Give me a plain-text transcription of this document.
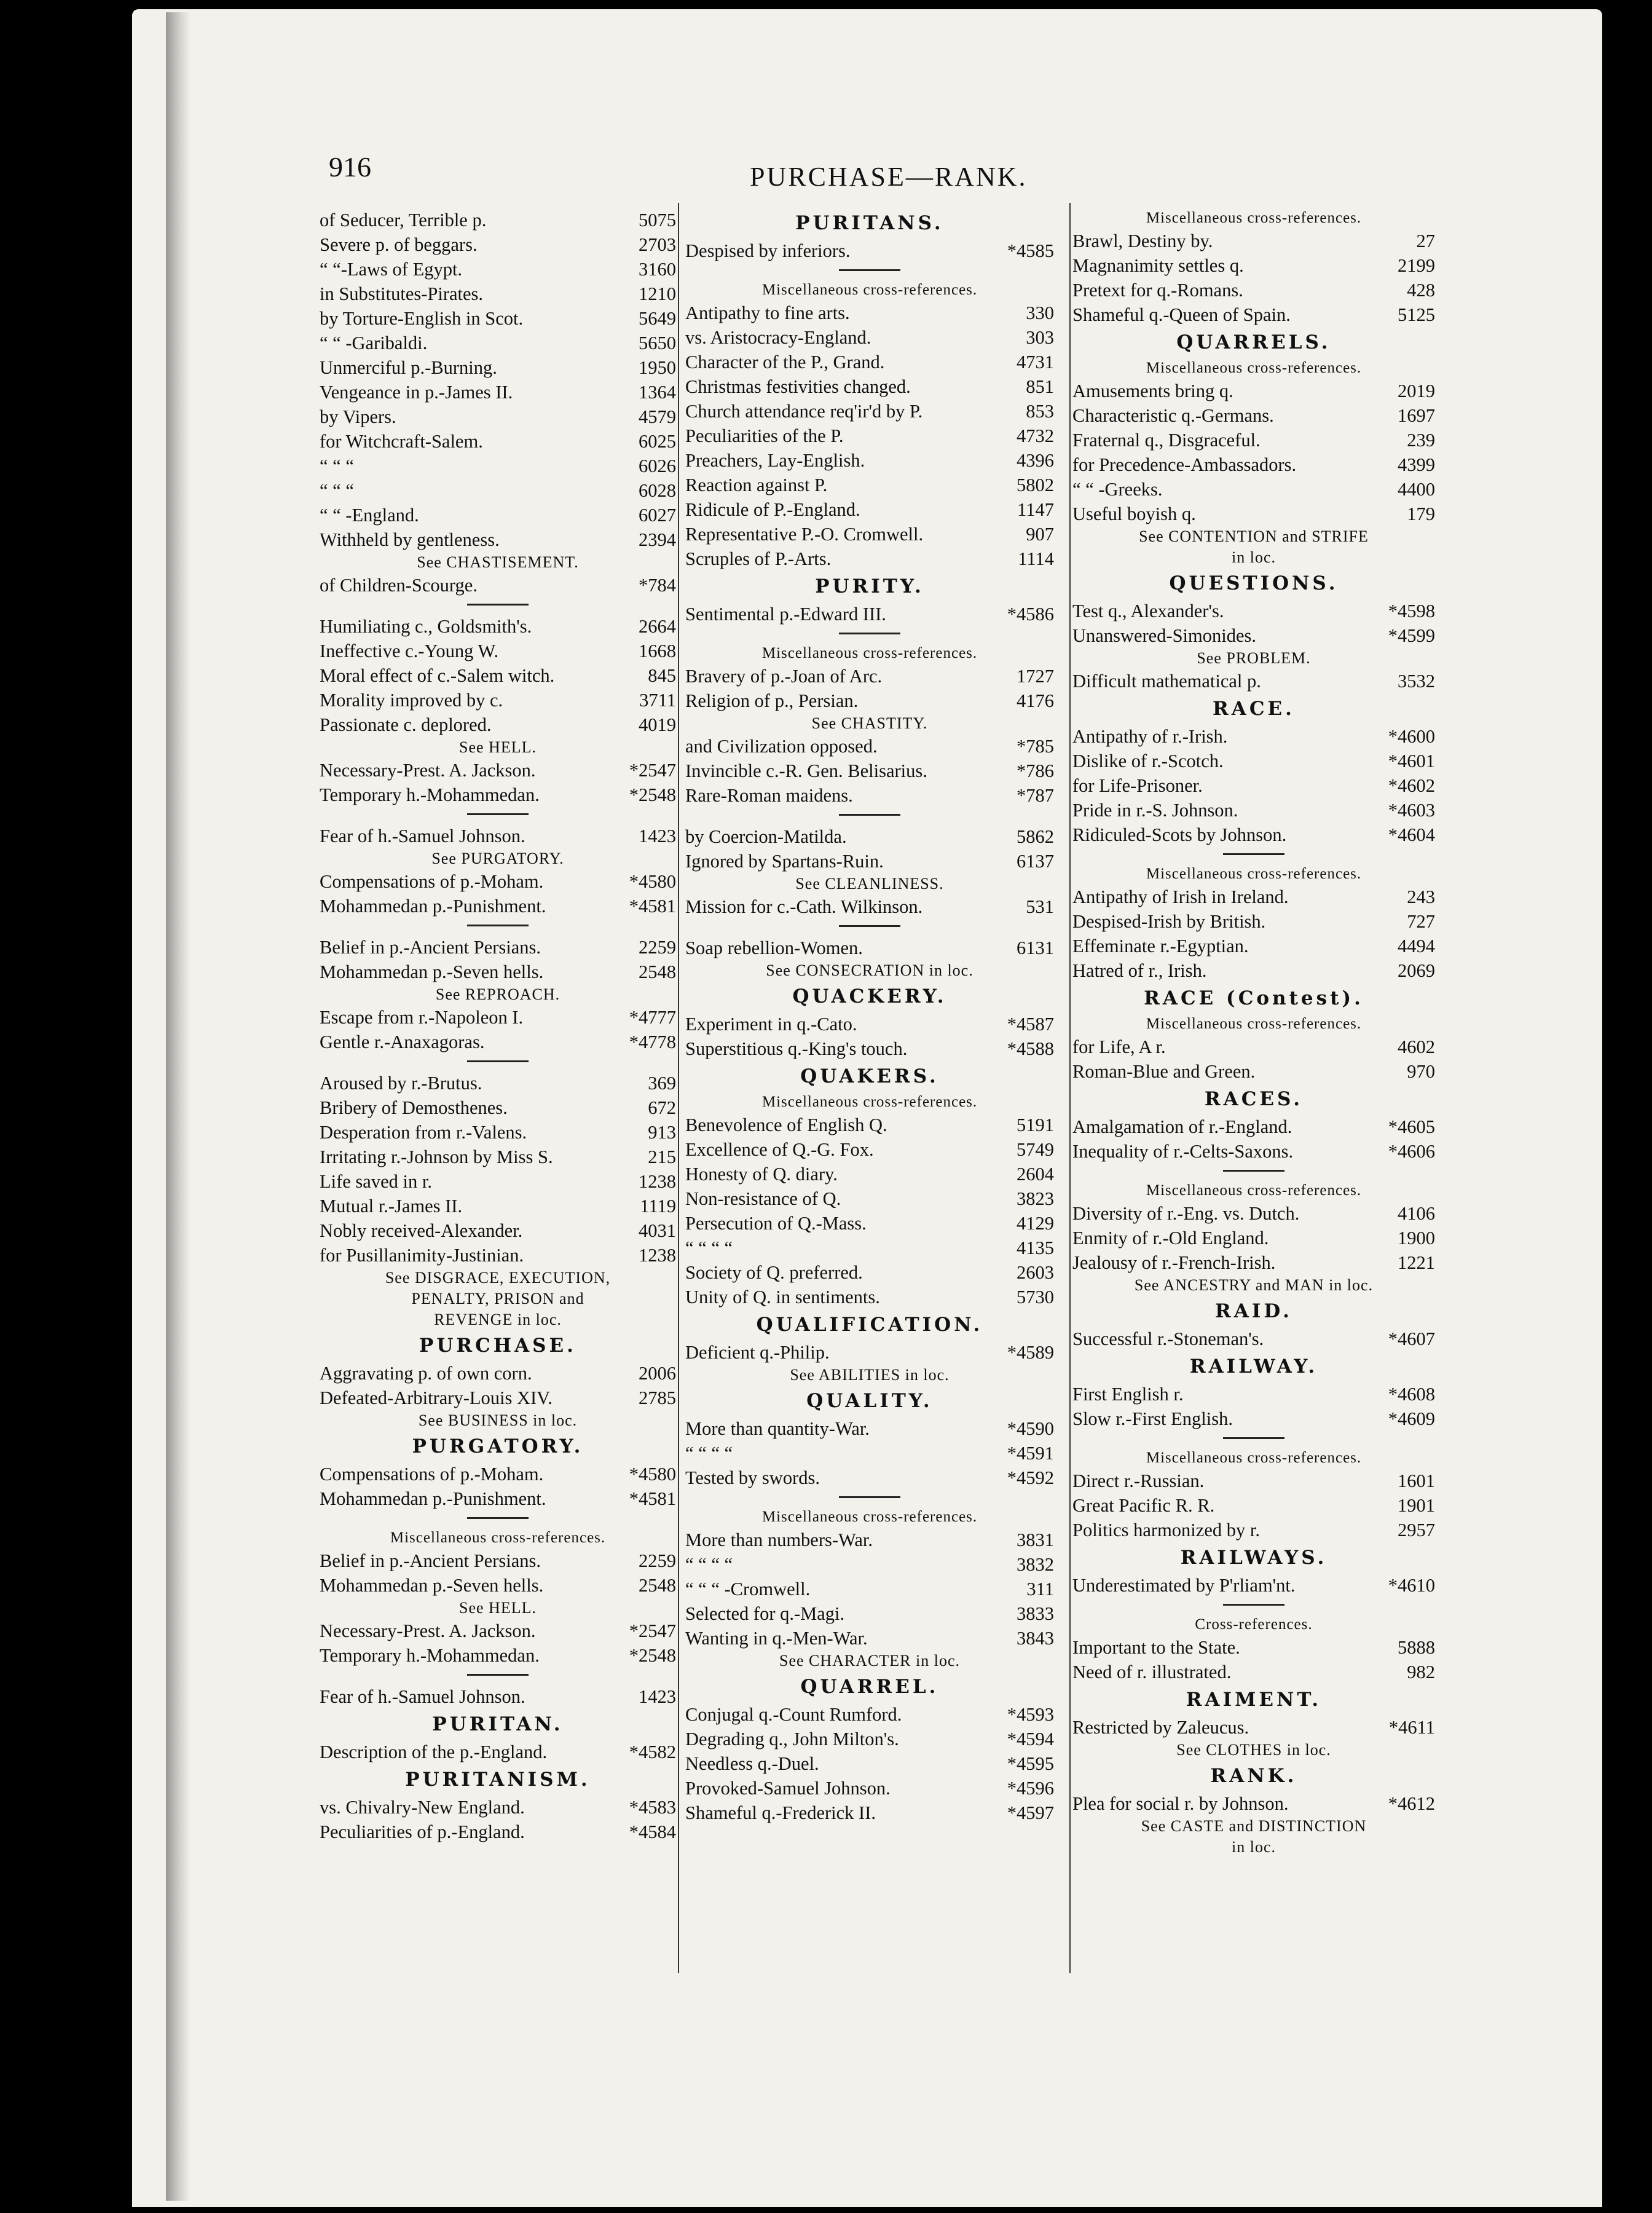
916	PURCHASE—RANK.
of Seducer, Terrible p.	5075
Severe p. of beggars.	2703
“ “-Laws of Egypt.	3160
in Substitutes-Pirates.	1210
by Torture-English in Scot.	5649
“ “ -Garibaldi.	5650
Unmerciful p.-Burning.	1950
Vengeance in p.-James II.	1364
by Vipers.	4579
for Witchcraft-Salem.	6025
“ “ “	6026
“ “ “	6028
“ “ -England.	6027
Withheld by gentleness.	2394
See CHASTISEMENT.
of Children-Scourge.	*784
Humiliating c., Goldsmith's.	2664
Ineffective c.-Young W.	1668
Moral effect of c.-Salem witch.	845
Morality improved by c.	3711
Passionate c. deplored.	4019
See HELL.
Necessary-Prest. A. Jackson.	*2547
Temporary h.-Mohammedan.	*2548
Fear of h.-Samuel Johnson.	1423
See PURGATORY.
Compensations of p.-Moham.	*4580
Mohammedan p.-Punishment.	*4581
Belief in p.-Ancient Persians.	2259
Mohammedan p.-Seven hells.	2548
See REPROACH.
Escape from r.-Napoleon I.	*4777
Gentle r.-Anaxagoras.	*4778
Aroused by r.-Brutus.	369
Bribery of Demosthenes.	672
Desperation from r.-Valens.	913
Irritating r.-Johnson by Miss S.	215
Life saved in r.	1238
Mutual r.-James II.	1119
Nobly received-Alexander.	4031
for Pusillanimity-Justinian.	1238
See DISGRACE, EXECUTION,
PENALTY, PRISON and
REVENGE in loc.
PURCHASE.
Aggravating p. of own corn.	2006
Defeated-Arbitrary-Louis XIV.	2785
See BUSINESS in loc.
PURGATORY.
Compensations of p.-Moham.	*4580
Mohammedan p.-Punishment.	*4581
Miscellaneous cross-references.
Belief in p.-Ancient Persians.	2259
Mohammedan p.-Seven hells.	2548
See HELL.
Necessary-Prest. A. Jackson.	*2547
Temporary h.-Mohammedan.	*2548
Fear of h.-Samuel Johnson.	1423
PURITAN.
Description of the p.-England.	*4582
PURITANISM.
vs. Chivalry-New England.	*4583
Peculiarities of p.-England.	*4584
PURITANS.
Despised by inferiors.	*4585
Miscellaneous cross-references.
Antipathy to fine arts.	330
vs. Aristocracy-England.	303
Character of the P., Grand.	4731
Christmas festivities changed.	851
Church attendance req'ir'd by P.	853
Peculiarities of the P.	4732
Preachers, Lay-English.	4396
Reaction against P.	5802
Ridicule of P.-England.	1147
Representative P.-O. Cromwell.	907
Scruples of P.-Arts.	1114
PURITY.
Sentimental p.-Edward III.	*4586
Miscellaneous cross-references.
Bravery of p.-Joan of Arc.	1727
Religion of p., Persian.	4176
See CHASTITY.
and Civilization opposed.	*785
Invincible c.-R. Gen. Belisarius.	*786
Rare-Roman maidens.	*787
by Coercion-Matilda.	5862
Ignored by Spartans-Ruin.	6137
See CLEANLINESS.
Mission for c.-Cath. Wilkinson.	531
Soap rebellion-Women.	6131
See CONSECRATION in loc.
QUACKERY.
Experiment in q.-Cato.	*4587
Superstitious q.-King's touch.	*4588
QUAKERS.
Miscellaneous cross-references.
Benevolence of English Q.	5191
Excellence of Q.-G. Fox.	5749
Honesty of Q. diary.	2604
Non-resistance of Q.	3823
Persecution of Q.-Mass.	4129
“ “ “ “	4135
Society of Q. preferred.	2603
Unity of Q. in sentiments.	5730
QUALIFICATION.
Deficient q.-Philip.	*4589
See ABILITIES in loc.
QUALITY.
More than quantity-War.	*4590
“ “ “ “	*4591
Tested by swords.	*4592
Miscellaneous cross-references.
More than numbers-War.	3831
“ “ “ “	3832
“ “ “ -Cromwell.	311
Selected for q.-Magi.	3833
Wanting in q.-Men-War.	3843
See CHARACTER in loc.
QUARREL.
Conjugal q.-Count Rumford.	*4593
Degrading q., John Milton's.	*4594
Needless q.-Duel.	*4595
Provoked-Samuel Johnson.	*4596
Shameful q.-Frederick II.	*4597
Miscellaneous cross-references.
Brawl, Destiny by.	27
Magnanimity settles q.	2199
Pretext for q.-Romans.	428
Shameful q.-Queen of Spain.	5125
QUARRELS.
Miscellaneous cross-references.
Amusements bring q.	2019
Characteristic q.-Germans.	1697
Fraternal q., Disgraceful.	239
for Precedence-Ambassadors.	4399
“ “ -Greeks.	4400
Useful boyish q.	179
See CONTENTION and STRIFE
in loc.
QUESTIONS.
Test q., Alexander's.	*4598
Unanswered-Simonides.	*4599
See PROBLEM.
Difficult mathematical p.	3532
RACE.
Antipathy of r.-Irish.	*4600
Dislike of r.-Scotch.	*4601
for Life-Prisoner.	*4602
Pride in r.-S. Johnson.	*4603
Ridiculed-Scots by Johnson.	*4604
Miscellaneous cross-references.
Antipathy of Irish in Ireland.	243
Despised-Irish by British.	727
Effeminate r.-Egyptian.	4494
Hatred of r., Irish.	2069
RACE (Contest).
Miscellaneous cross-references.
for Life, A r.	4602
Roman-Blue and Green.	970
RACES.
Amalgamation of r.-England.	*4605
Inequality of r.-Celts-Saxons.	*4606
Miscellaneous cross-references.
Diversity of r.-Eng. vs. Dutch.	4106
Enmity of r.-Old England.	1900
Jealousy of r.-French-Irish.	1221
See ANCESTRY and MAN in loc.
RAID.
Successful r.-Stoneman's.	*4607
RAILWAY.
First English r.	*4608
Slow r.-First English.	*4609
Miscellaneous cross-references.
Direct r.-Russian.	1601
Great Pacific R. R.	1901
Politics harmonized by r.	2957
RAILWAYS.
Underestimated by P'rliam'nt.	*4610
Cross-references.
Important to the State.	5888
Need of r. illustrated.	982
RAIMENT.
Restricted by Zaleucus.	*4611
See CLOTHES in loc.
RANK.
Plea for social r. by Johnson.	*4612
See CASTE and DISTINCTION
in loc.
